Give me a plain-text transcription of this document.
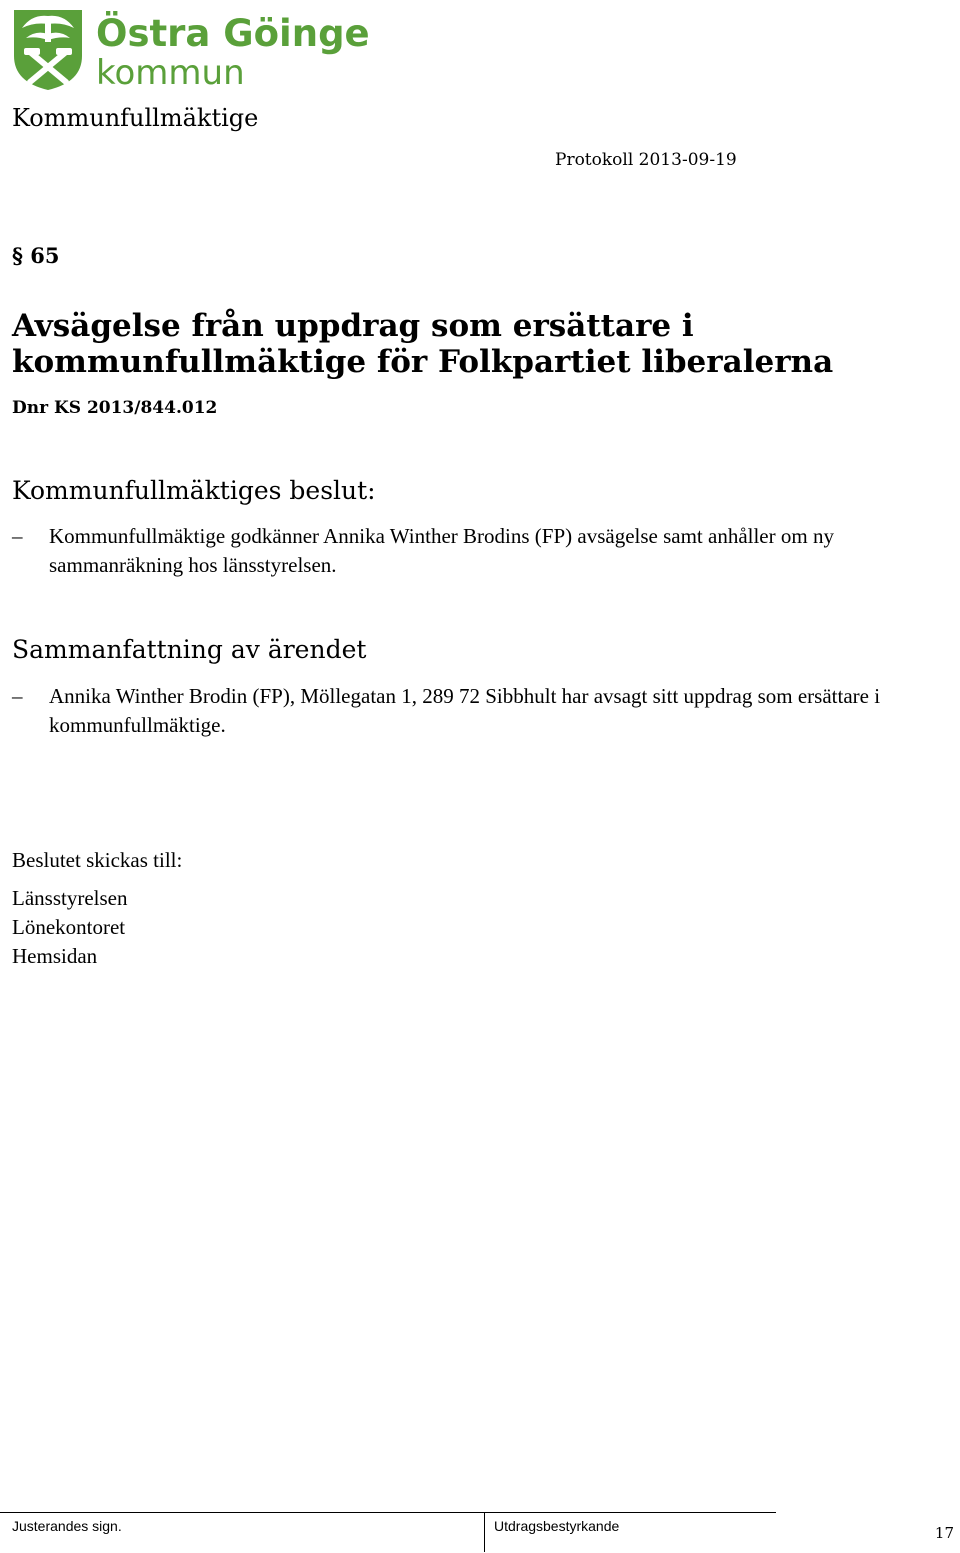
Östra Göinge
kommun
Kommunfullmäktige
Protokoll 2013-09-19
§ 65
Avsägelse från uppdrag som ersättare i kommunfullmäktige för Folkpartiet liberalerna
Dnr KS 2013/844.012
Kommunfullmäktiges beslut:
–	Kommunfullmäktige godkänner Annika Winther Brodins (FP) avsägelse samt anhåller om ny sammanräkning hos länsstyrelsen.
Sammanfattning av ärendet
–	Annika Winther Brodin (FP), Möllegatan 1, 289 72 Sibbhult har avsagt sitt uppdrag som ersättare i kommunfullmäktige.
Beslutet skickas till:
Länsstyrelsen
Lönekontoret
Hemsidan
Justerandes sign.	Utdragsbestyrkande	17
